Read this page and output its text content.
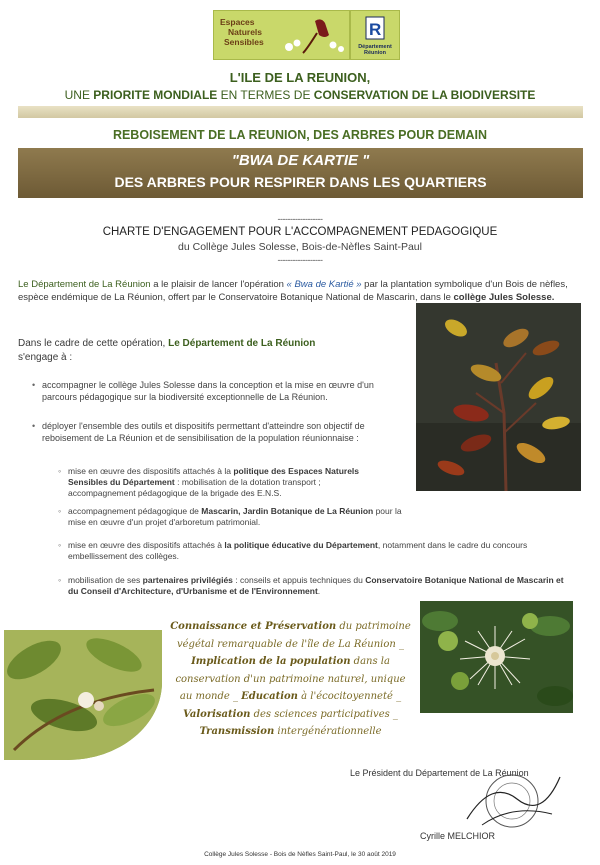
Espaces
Naturels
Sensibles
R
Département
Réunion
L'ILE DE LA REUNION,
UNE PRIORITE MONDIALE EN TERMES DE CONSERVATION DE LA BIODIVERSITE
REBOISEMENT DE LA REUNION, DES ARBRES POUR DEMAIN
"BWA DE KARTIE "
DES ARBRES POUR RESPIRER DANS LES QUARTIERS
------------------
CHARTE D'ENGAGEMENT POUR L'ACCOMPAGNEMENT PEDAGOGIQUE
du Collège Jules Solesse, Bois-de-Nèfles Saint-Paul
------------------
Le Département de La Réunion a le plaisir de lancer l'opération « Bwa de Kartié » par la plantation symbolique d'un Bois de nèfles, espèce endémique de La Réunion, offert par le Conservatoire Botanique National de Mascarin, dans le collège Jules Solesse.
Dans le cadre de cette opération, Le Département de La Réunion
s'engage à :
• accompagner le collège Jules Solesse dans la conception et la mise en œuvre d'un parcours pédagogique sur la biodiversité exceptionnelle de La Réunion.
• déployer l'ensemble des outils et dispositifs permettant d'atteindre son objectif de reboisement de La Réunion et de sensibilisation de la population réunionnaise :
◦ mise en œuvre des dispositifs attachés à la politique des Espaces Naturels Sensibles du Département : mobilisation de la dotation transport ; accompagnement pédagogique de la brigade des E.N.S.
◦ accompagnement pédagogique de Mascarin, Jardin Botanique de La Réunion pour la mise en œuvre d'un projet d'arboretum patrimonial.
◦ mise en œuvre des dispositifs attachés à la politique éducative du Département, notamment dans le cadre du concours embellissement des collèges.
◦ mobilisation de ses partenaires privilégiés : conseils et appuis techniques du Conservatoire Botanique National de Mascarin et du Conseil d'Architecture, d'Urbanisme et de l'Environnement.
Connaissance et Préservation du patrimoine
végétal remarquable de l'île de La Réunion _
Implication de la population dans la
conservation d'un patrimoine naturel, unique
au monde _ Education à l'écocitoyenneté _
Valorisation des sciences participatives _
Transmission intergénérationnelle
Le Président du Département de La Réunion
Cyrille MELCHIOR
Collège Jules Solesse - Bois de Nèfles Saint-Paul, le 30 août 2019
